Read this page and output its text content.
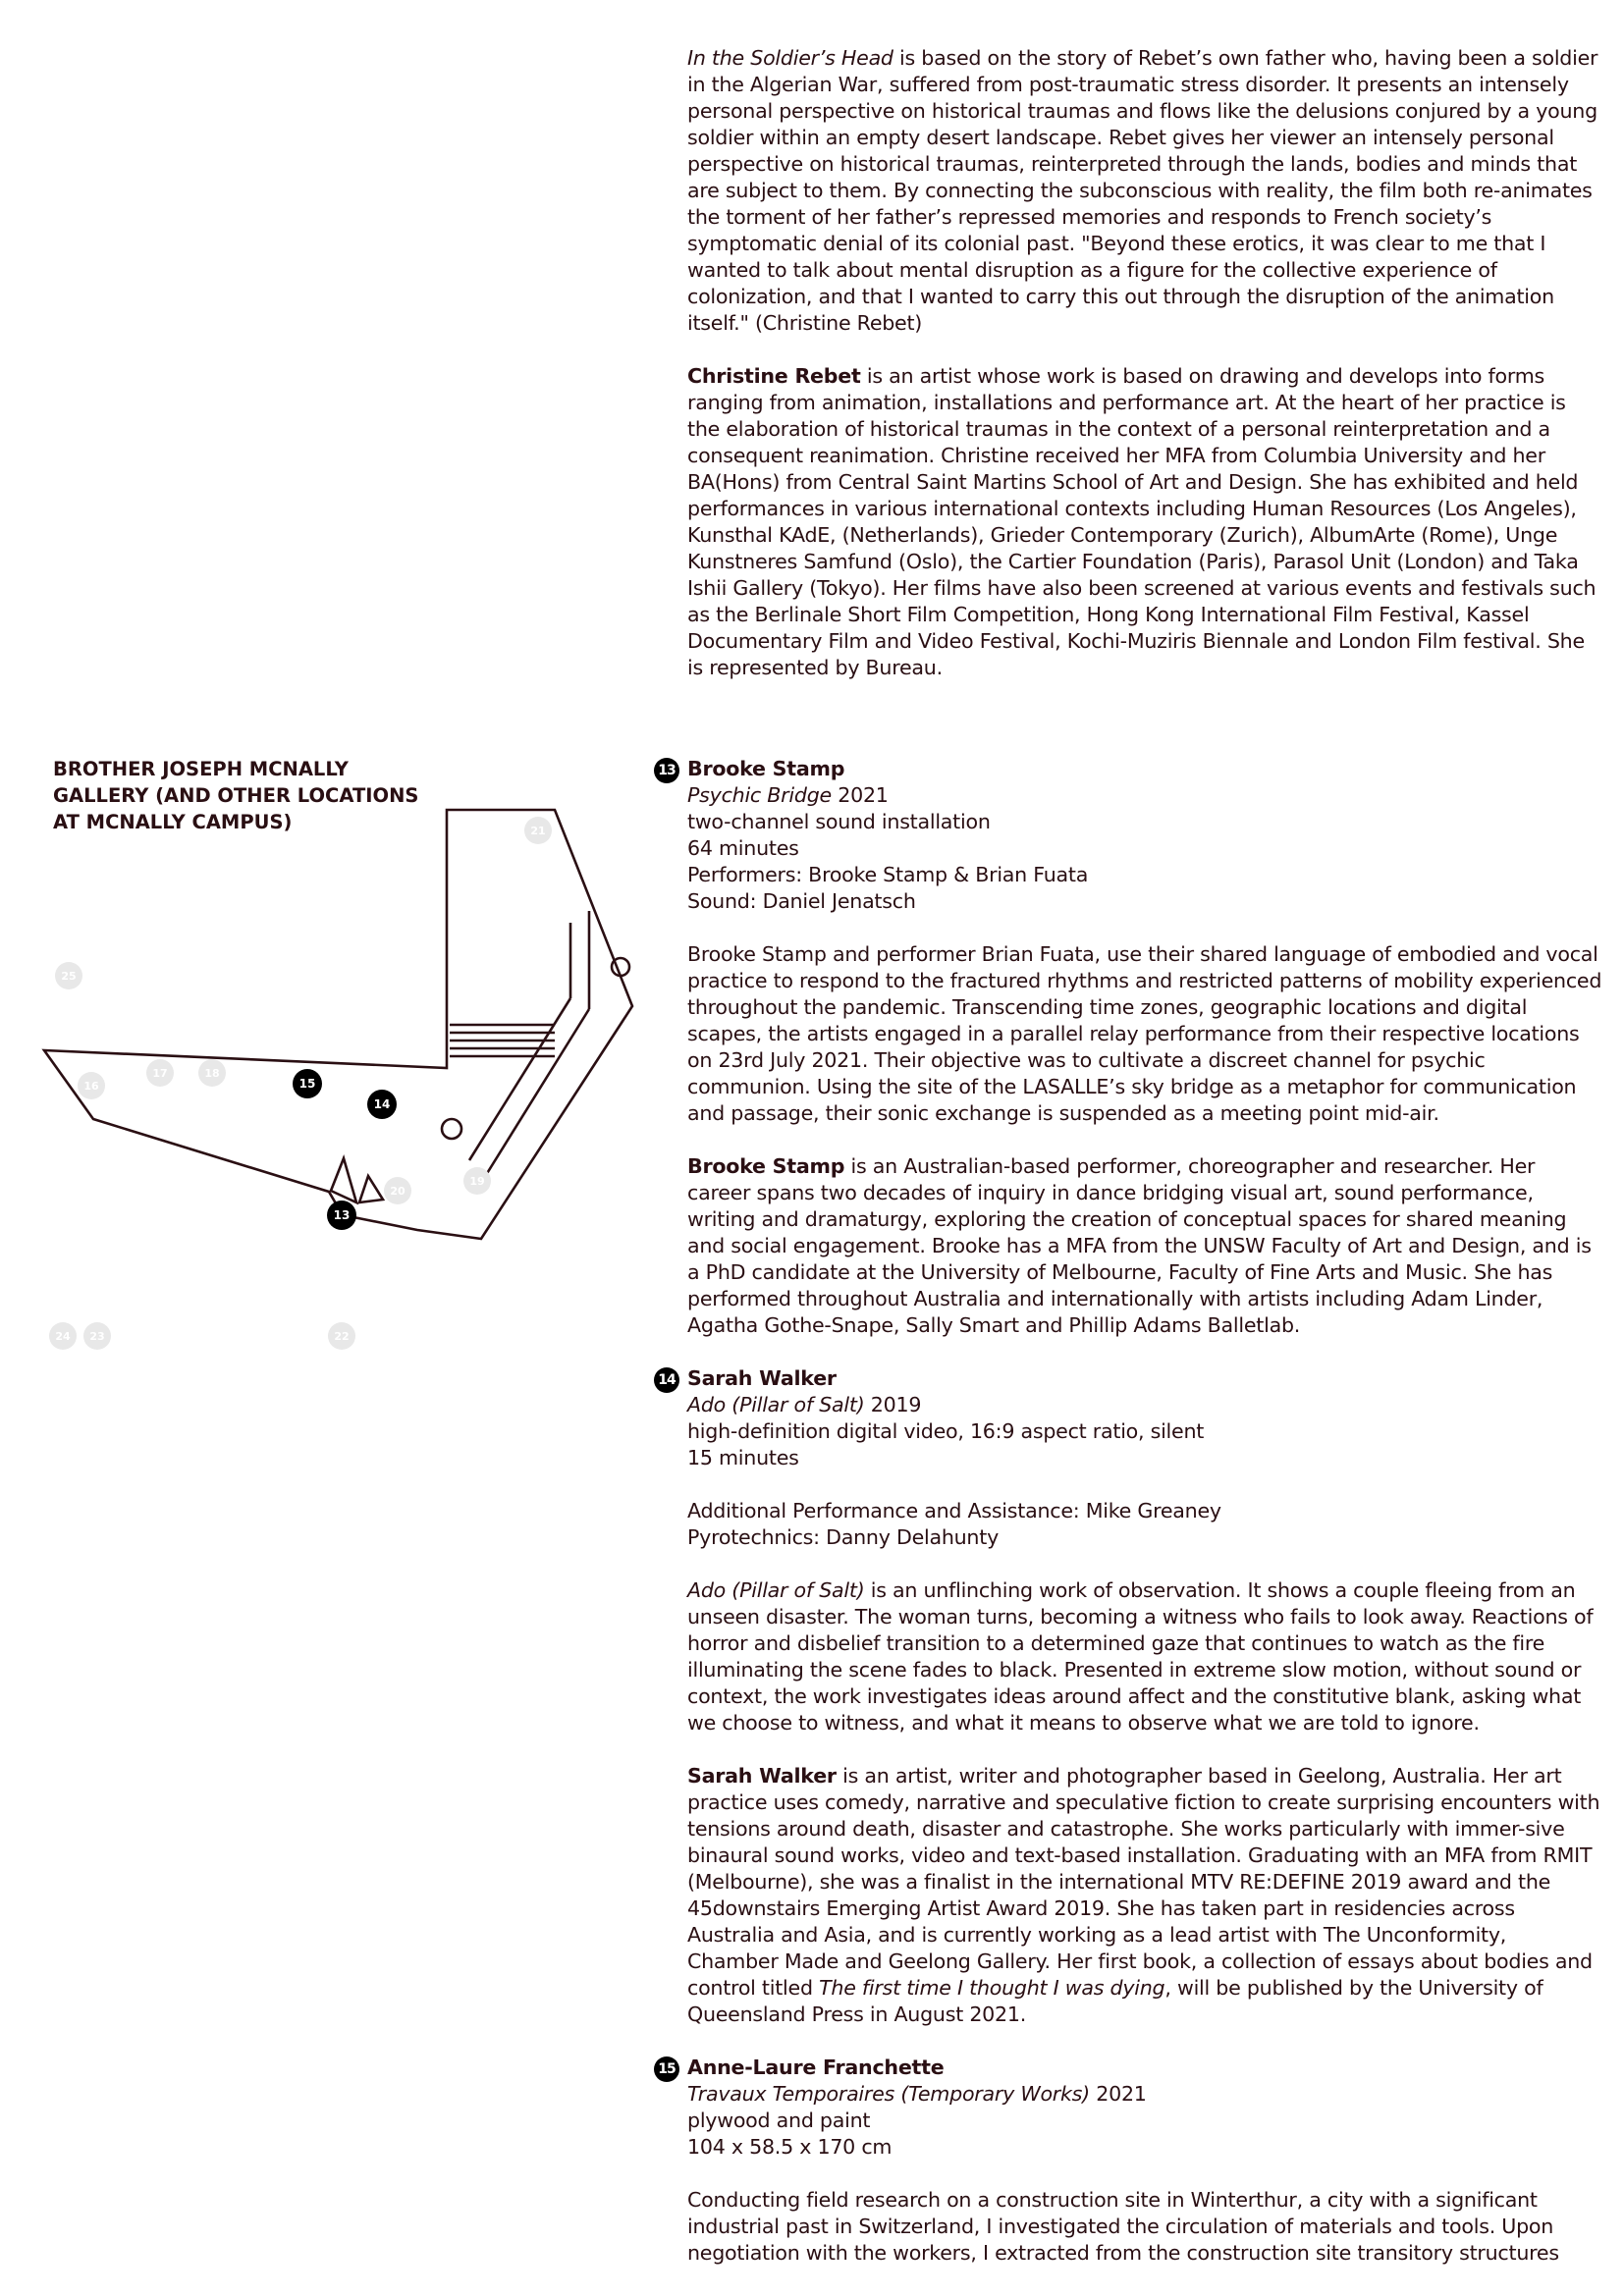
In the Soldier’s Head is based on the story of Rebet’s own father who, having been a soldier in the Algerian War, suffered from post-traumatic stress disorder. It presents an intensely personal perspective on historical traumas and flows like the delusions conjured by a young soldier within an empty desert landscape. Rebet gives her viewer an intensely personal perspective on historical traumas, reinterpreted through the lands, bodies and minds that are subject to them. By connecting the subconscious with reality, the film both re-animates the torment of her father’s repressed memories and responds to French society’s symptomatic denial of its colonial past. "Beyond these erotics, it was clear to me that I wanted to talk about mental disruption as a figure for the collective experience of colonization, and that I wanted to carry this out through the disruption of the animation itself." (Christine Rebet)

Christine Rebet is an artist whose work is based on drawing and develops into forms ranging from animation, installations and performance art. At the heart of her practice is the elaboration of historical traumas in the context of a personal reinterpretation and a consequent reanimation. Christine received her MFA from Columbia University and her BA(Hons) from Central Saint Martins School of Art and Design. She has exhibited and held performances in various international contexts including Human Resources (Los Angeles), Kunsthal KAdE, (Netherlands), Grieder Contemporary (Zurich), AlbumArte (Rome), Unge Kunstneres Samfund (Oslo), the Cartier Foundation (Paris), Parasol Unit (London) and Taka Ishii Gallery (Tokyo). Her films have also been screened at various events and festivals such as the Berlinale Short Film Competition, Hong Kong International Film Festival, Kassel Documentary Film and Video Festival, Kochi-Muziris Biennale and London Film festival. She is represented by Bureau.

BROTHER JOSEPH MCNALLY GALLERY (AND OTHER LOCATIONS AT MCNALLY CAMPUS)	21
25
16
17	18
19
20
24 23	22
15
14
13
13 Brooke Stamp

Psychic Bridge 2021

two-channel sound installation

64 minutes

Performers: Brooke Stamp & Brian Fuata

Sound: Daniel Jenatsch

Brooke Stamp and performer Brian Fuata, use their shared language of embodied and vocal practice to respond to the fractured rhythms and restricted patterns of mobility experienced throughout the pandemic. Transcending time zones, geographic locations and digital scapes, the artists engaged in a parallel relay performance from their respective locations on 23rd July 2021. Their objective was to cultivate a discreet channel for psychic communion. Using the site of the LASALLE’s sky bridge as a metaphor for communication and passage, their sonic exchange is suspended as a meeting point mid-air.

Brooke Stamp is an Australian-based performer, choreographer and researcher. Her career spans two decades of inquiry in dance bridging visual art, sound performance, writing and dramaturgy, exploring the creation of conceptual spaces for shared meaning and social engagement. Brooke has a MFA from the UNSW Faculty of Art and Design, and is a PhD candidate at the University of Melbourne, Faculty of Fine Arts and Music. She has performed throughout Australia and internationally with artists including Adam Linder, Agatha Gothe-Snape, Sally Smart and Phillip Adams Balletlab.

14 Sarah Walker

Ado (Pillar of Salt) 2019

high-definition digital video, 16:9 aspect ratio, silent

15 minutes

Additional Performance and Assistance: Mike Greaney

Pyrotechnics: Danny Delahunty

Ado (Pillar of Salt) is an unflinching work of observation. It shows a couple fleeing from an unseen disaster. The woman turns, becoming a witness who fails to look away. Reactions of horror and disbelief transition to a determined gaze that continues to watch as the fire illuminating the scene fades to black. Presented in extreme slow motion, without sound or context, the work investigates ideas around affect and the constitutive blank, asking what we choose to witness, and what it means to observe what we are told to ignore.

Sarah Walker is an artist, writer and photographer based in Geelong, Australia. Her art practice uses comedy, narrative and speculative fiction to create surprising encounters with tensions around death, disaster and catastrophe. She works particularly with immer-sive binaural sound works, video and text-based installation. Graduating with an MFA from RMIT (Melbourne), she was a finalist in the international MTV RE:DEFINE 2019 award and the 45downstairs Emerging Artist Award 2019. She has taken part in residencies across Australia and Asia, and is currently working as a lead artist with The Unconformity, Chamber Made and Geelong Gallery. Her first book, a collection of essays about bodies and control titled The first time I thought I was dying, will be published by the University of Queensland Press in August 2021.

15 Anne-Laure Franchette

Travaux Temporaires (Temporary Works) 2021

plywood and paint

104 x 58.5 x 170 cm

Conducting field research on a construction site in Winterthur, a city with a significant industrial past in Switzerland, I investigated the circulation of materials and tools. Upon negotiation with the workers, I extracted from the construction site transitory structures
